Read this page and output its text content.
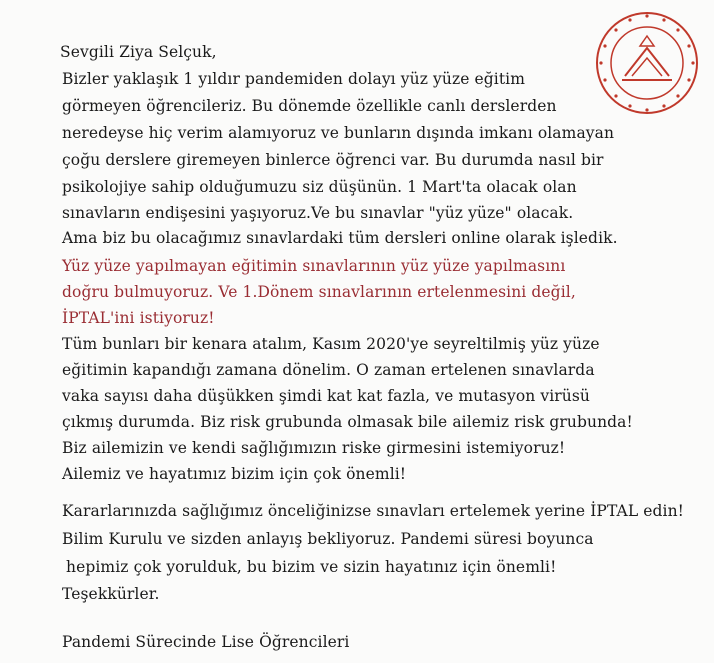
Sevgili Ziya Selçuk,
Bizler yaklaşık 1 yıldır pandemiden dolayı yüz yüze eğitim
görmeyen öğrencileriz. Bu dönemde özellikle canlı derslerden
neredeyse hiç verim alamıyoruz ve bunların dışında imkanı olamayan
çoğu derslere giremeyen binlerce öğrenci var. Bu durumda nasıl bir
psikolojiye sahip olduğumuzu siz düşünün. 1 Mart'ta olacak olan
sınavların endişesini yaşıyoruz.Ve bu sınavlar "yüz yüze" olacak.
Ama biz bu olacağımız sınavlardaki tüm dersleri online olarak işledik.
Yüz yüze yapılmayan eğitimin sınavlarının yüz yüze yapılmasını
doğru bulmuyoruz. Ve 1.Dönem sınavlarının ertelenmesini değil,
İPTAL'ini istiyoruz!
Tüm bunları bir kenara atalım, Kasım 2020'ye seyreltilmiş yüz yüze
eğitimin kapandığı zamana dönelim. O zaman ertelenen sınavlarda
vaka sayısı daha düşükken şimdi kat kat fazla, ve mutasyon virüsü
çıkmış durumda. Biz risk grubunda olmasak bile ailemiz risk grubunda!
Biz ailemizin ve kendi sağlığımızın riske girmesini istemiyoruz!
Ailemiz ve hayatımız bizim için çok önemli!
Kararlarınızda sağlığımız önceliğinizse sınavları ertelemek yerine İPTAL edin!
Bilim Kurulu ve sizden anlayış bekliyoruz. Pandemi süresi boyunca
hepimiz çok yorulduk, bu bizim ve sizin hayatınız için önemli!
Teşekkürler.
Pandemi Sürecinde Lise Öğrencileri
